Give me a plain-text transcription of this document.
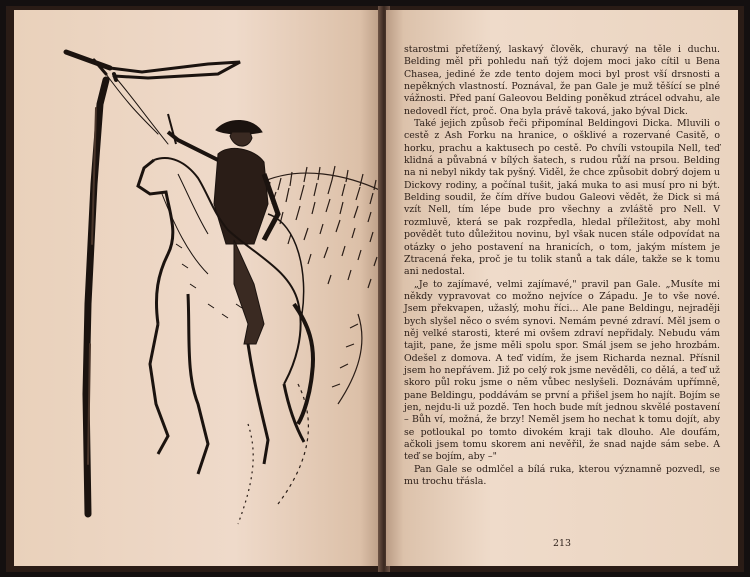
starostmi přetížený, laskavý člověk, churavý na těle i duchu. Belding měl při pohledu naň týž dojem moci jako cítil u Bena Chasea, jediné že zde tento dojem moci byl prost vší drsnosti a nepěkných vlastností. Poznával, že pan Gale je muž těšící se plné vážnosti. Před paní Galeovou Belding poněkud ztrácel odvahu, ale nedovedl říct, proč. Ona byla právě taková, jako býval Dick.

Také jejich způsob řeči připomínal Beldingovi Dicka. Mluvili o cestě z Ash Forku na hranice, o ošklivé a rozervané Casitě, o horku, prachu a kaktusech po cestě. Po chvíli vstoupila Nell, teď klidná a půvabná v bílých šatech, s rudou růží na prsou. Belding na ni nebyl nikdy tak pyšný. Viděl, že chce způsobit dobrý dojem u Dickovy rodiny, a počínal tušit, jaká muka to asi musí pro ni být. Belding soudil, že čím dříve budou Galeovi vědět, že Dick si má vzít Nell, tím lépe bude pro všechny a zvláště pro Nell. V rozmluvě, která se pak rozpředla, hledal příležitost, aby mohl povědět tuto důležitou novinu, byl však nucen stále odpovídat na otázky o jeho postavení na hranicích, o tom, jakým místem je Ztracená řeka, proč je tu tolik stanů a tak dále, takže se k tomu ani nedostal.

„Je to zajímavé, velmi zajímavé," pravil pan Gale. „Musíte mi někdy vypravovat co možno nejvíce o Západu. Je to vše nové. Jsem překvapen, užaslý, mohu říci... Ale pane Beldingu, nejraději bych slyšel něco o svém synovi. Nemám pevné zdraví. Měl jsem o něj velké starosti, které mi ovšem zdraví nepřidaly. Nebudu vám tajit, pane, že jsme měli spolu spor. Smál jsem se jeho hrozbám. Odešel z domova. A teď vidím, že jsem Richarda neznal. Přísnil jsem ho nepřávem. Již po celý rok jsme nevěděli, co dělá, a teď už skoro půl roku jsme o něm vůbec neslyšeli. Doznávám upřímně, pane Beldingu, poddávám se první a přišel jsem ho najít. Bojím se jen, nejdu-li už pozdě. Ten hoch bude mít jednou skvělé postavení – Bůh ví, možná, že brzy! Neměl jsem ho nechat k tomu dojít, aby se potloukal po tomto divokém kraji tak dlouho. Ale doufám, ačkoli jsem tomu skorem ani nevěřil, že snad najde sám sebe. A teď se bojím, aby –"

Pan Gale se odmlčel a bílá ruka, kterou významně pozvedl, se mu trochu třásla.

213
